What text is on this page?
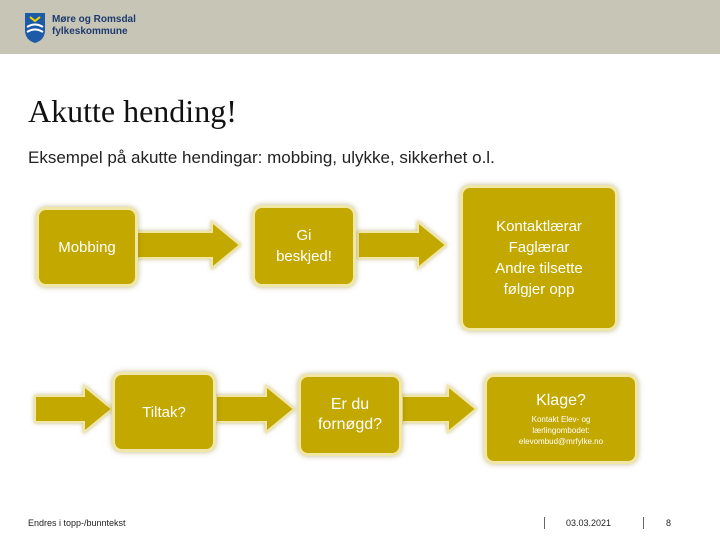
Møre og Romsdal
fylkeskommune
Akutte hending!
Eksempel på akutte hendingar: mobbing, ulykke, sikkerhet o.l.
Mobbing
Gi
beskjed!
Kontaktlærar
Faglærar
Andre tilsette
følgjer opp
Tiltak?	Er du
fornøgd?
Klage?
Kontakt Elev- og
lærlingombodet:
elevombud@mrfylke.no
Endres i topp-/bunntekst	03.03.2021	8
